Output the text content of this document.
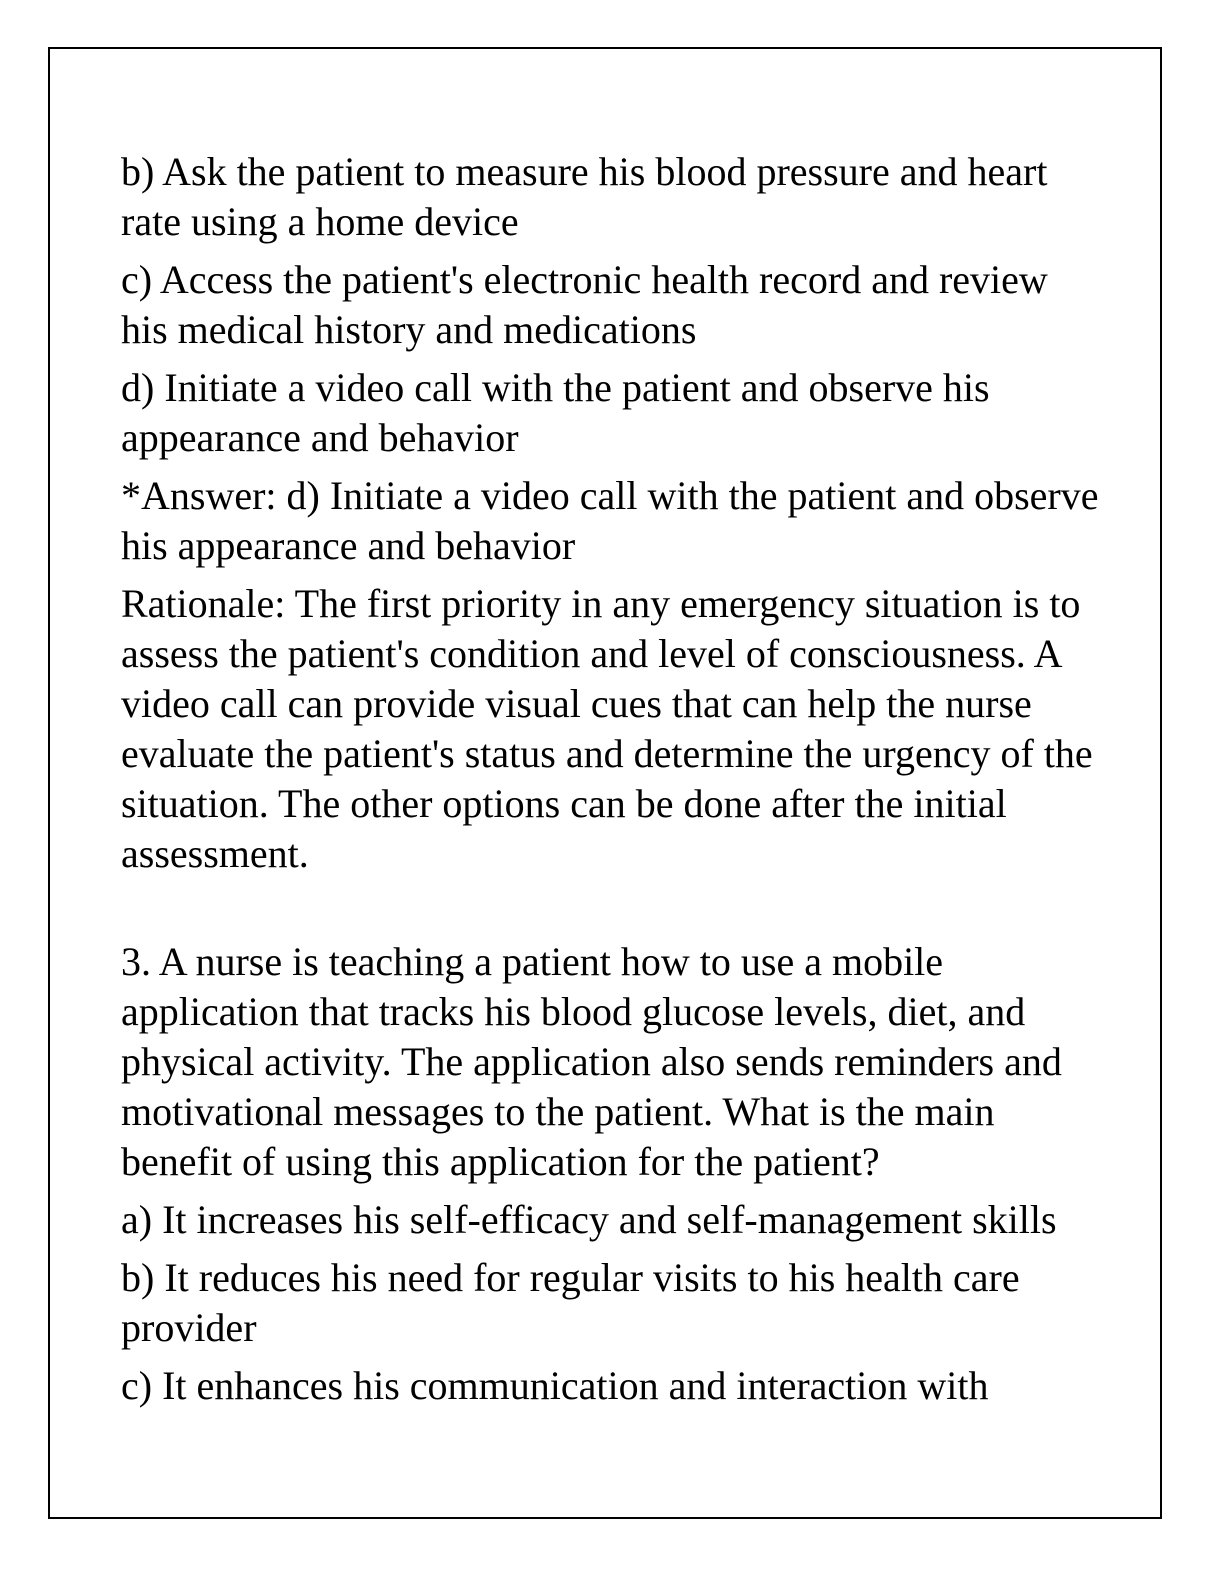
b) Ask the patient to measure his blood pressure and heart rate using a home device

c) Access the patient's electronic health record and review his medical history and medications

d) Initiate a video call with the patient and observe his appearance and behavior

*Answer: d) Initiate a video call with the patient and observe his appearance and behavior

Rationale: The first priority in any emergency situation is to assess the patient's condition and level of consciousness. A video call can provide visual cues that can help the nurse evaluate the patient's status and determine the urgency of the situation. The other options can be done after the initial assessment.

3. A nurse is teaching a patient how to use a mobile application that tracks his blood glucose levels, diet, and physical activity. The application also sends reminders and motivational messages to the patient. What is the main benefit of using this application for the patient?

a) It increases his self-efficacy and self-management skills

b) It reduces his need for regular visits to his health care provider

c) It enhances his communication and interaction with
